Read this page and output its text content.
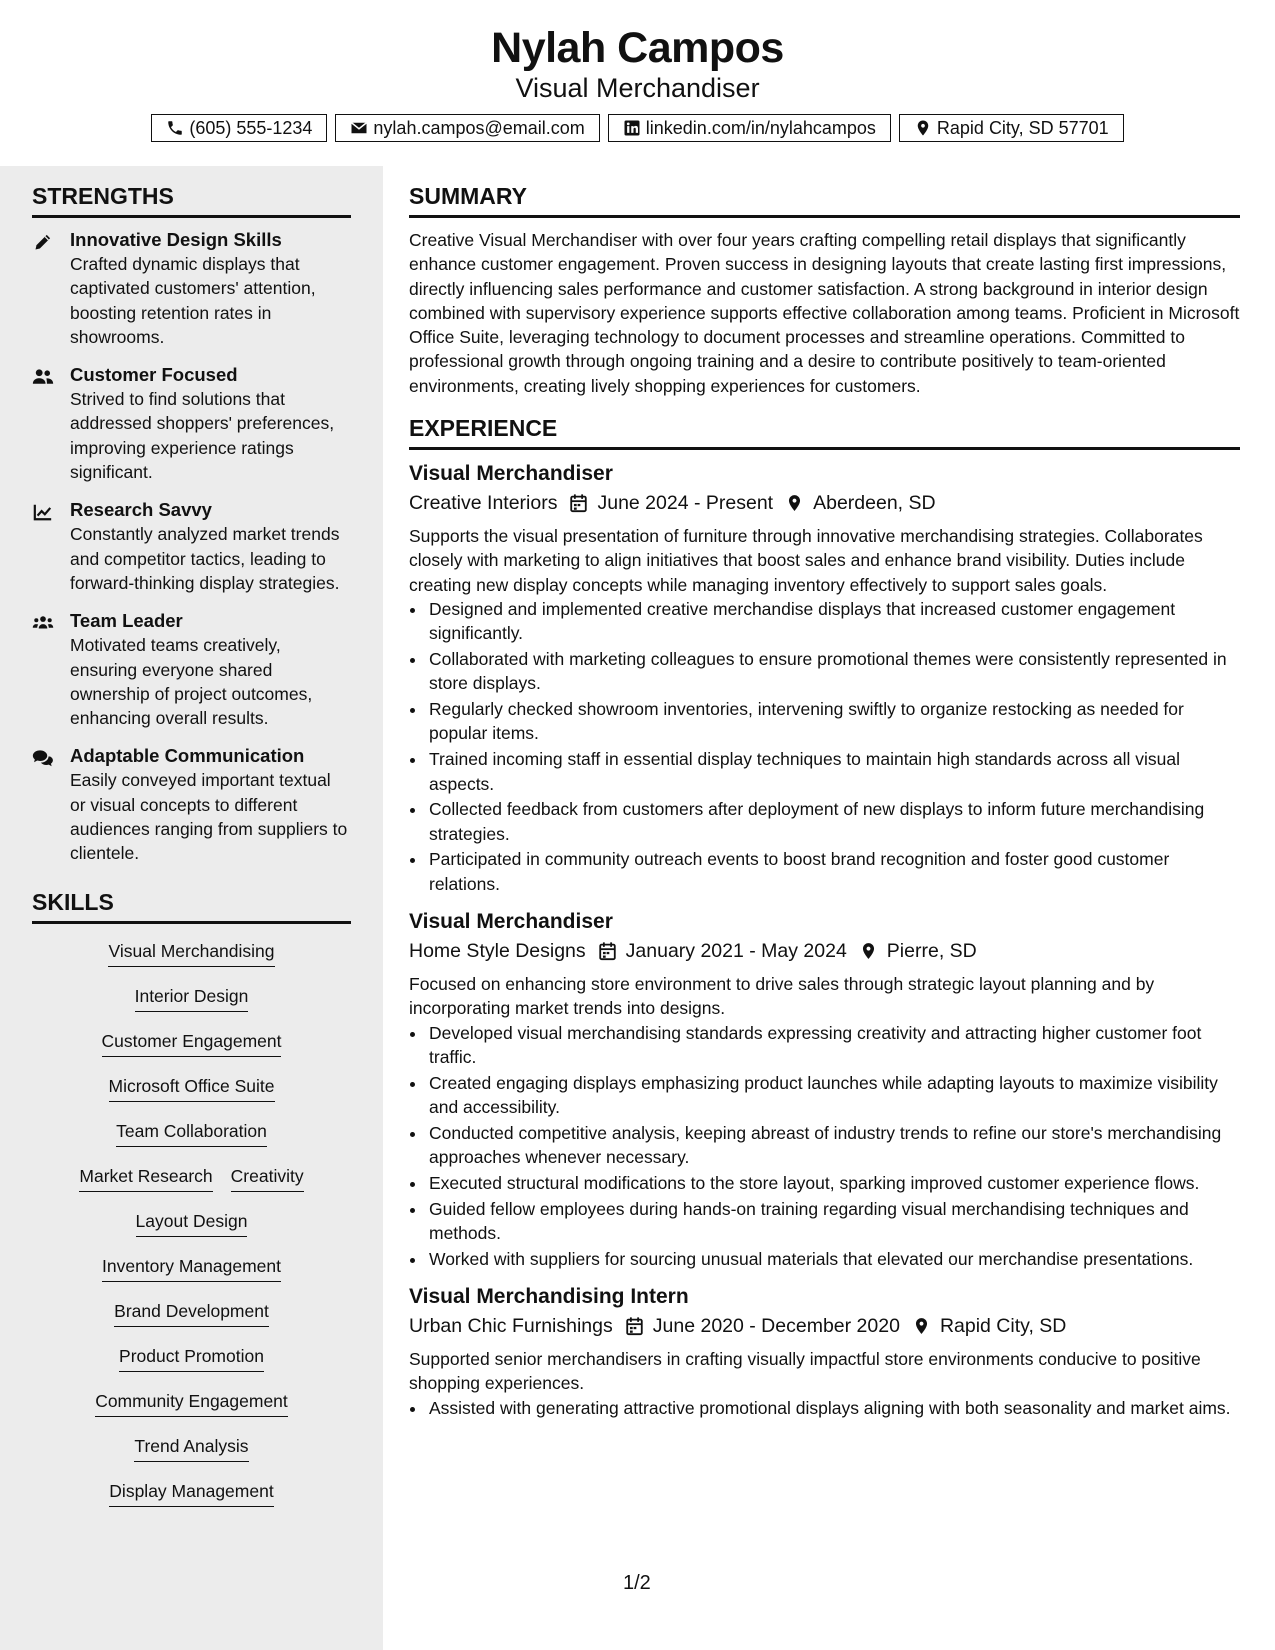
Nylah Campos
Visual Merchandiser
(605) 555-1234	nylah.campos@email.com	linkedin.com/in/nylahcampos	Rapid City, SD 57701
STRENGTHS
Innovative Design Skills
Crafted dynamic displays that captivated customers' attention, boosting retention rates in showrooms.
Customer Focused
Strived to find solutions that addressed shoppers' preferences, improving experience ratings significant.
Research Savvy
Constantly analyzed market trends and competitor tactics, leading to forward-thinking display strategies.
Team Leader
Motivated teams creatively, ensuring everyone shared ownership of project outcomes, enhancing overall results.
Adaptable Communication
Easily conveyed important textual or visual concepts to different audiences ranging from suppliers to clientele.
SKILLS
Visual Merchandising
Interior Design
Customer Engagement
Microsoft Office Suite
Team Collaboration
Market Research Creativity
Layout Design
Inventory Management
Brand Development
Product Promotion
Community Engagement
Trend Analysis
Display Management
SUMMARY
Creative Visual Merchandiser with over four years crafting compelling retail displays that significantly enhance customer engagement. Proven success in designing layouts that create lasting first impressions, directly influencing sales performance and customer satisfaction. A strong background in interior design combined with supervisory experience supports effective collaboration among teams. Proficient in Microsoft Office Suite, leveraging technology to document processes and streamline operations. Committed to professional growth through ongoing training and a desire to contribute positively to team-oriented environments, creating lively shopping experiences for customers.
EXPERIENCE
Visual Merchandiser
Creative Interiors June 2024 - Present Aberdeen, SD
Supports the visual presentation of furniture through innovative merchandising strategies. Collaborates closely with marketing to align initiatives that boost sales and enhance brand visibility. Duties include creating new display concepts while managing inventory effectively to support sales goals.
• Designed and implemented creative merchandise displays that increased customer engagement significantly.
• Collaborated with marketing colleagues to ensure promotional themes were consistently represented in store displays.
• Regularly checked showroom inventories, intervening swiftly to organize restocking as needed for popular items.
• Trained incoming staff in essential display techniques to maintain high standards across all visual aspects.
• Collected feedback from customers after deployment of new displays to inform future merchandising strategies.
• Participated in community outreach events to boost brand recognition and foster good customer relations.
Visual Merchandiser
Home Style Designs January 2021 - May 2024 Pierre, SD
Focused on enhancing store environment to drive sales through strategic layout planning and by incorporating market trends into designs.
• Developed visual merchandising standards expressing creativity and attracting higher customer foot traffic.
• Created engaging displays emphasizing product launches while adapting layouts to maximize visibility and accessibility.
• Conducted competitive analysis, keeping abreast of industry trends to refine our store's merchandising approaches whenever necessary.
• Executed structural modifications to the store layout, sparking improved customer experience flows.
• Guided fellow employees during hands-on training regarding visual merchandising techniques and methods.
• Worked with suppliers for sourcing unusual materials that elevated our merchandise presentations.
Visual Merchandising Intern
Urban Chic Furnishings June 2020 - December 2020 Rapid City, SD
Supported senior merchandisers in crafting visually impactful store environments conducive to positive shopping experiences.
• Assisted with generating attractive promotional displays aligning with both seasonality and market aims.
1/2
